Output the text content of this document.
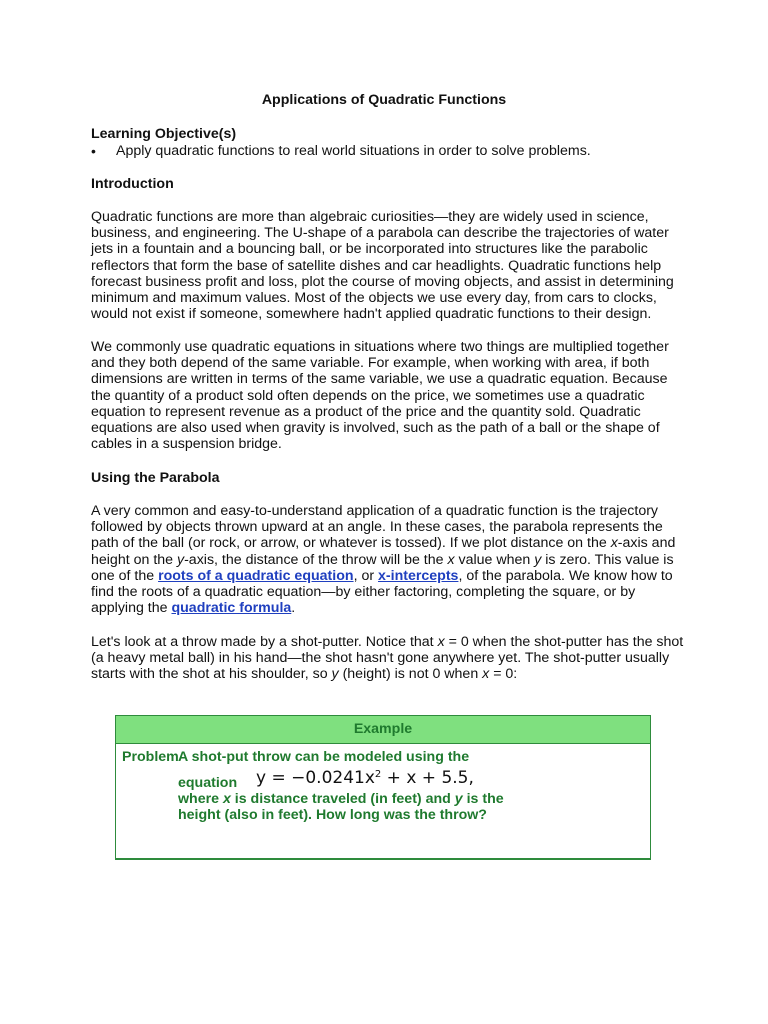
Applications of Quadratic Functions
Learning Objective(s)
• Apply quadratic functions to real world situations in order to solve problems.
Introduction

Quadratic functions are more than algebraic curiosities—they are widely used in science, business, and engineering. The U-shape of a parabola can describe the trajectories of water jets in a fountain and a bouncing ball, or be incorporated into structures like the parabolic reflectors that form the base of satellite dishes and car headlights. Quadratic functions help forecast business profit and loss, plot the course of moving objects, and assist in determining minimum and maximum values. Most of the objects we use every day, from cars to clocks, would not exist if someone, somewhere hadn't applied quadratic functions to their design.

We commonly use quadratic equations in situations where two things are multiplied together and they both depend of the same variable. For example, when working with area, if both dimensions are written in terms of the same variable, we use a quadratic equation. Because the quantity of a product sold often depends on the price, we sometimes use a quadratic equation to represent revenue as a product of the price and the quantity sold. Quadratic equations are also used when gravity is involved, such as the path of a ball or the shape of cables in a suspension bridge.

Using the Parabola

A very common and easy-to-understand application of a quadratic function is the trajectory followed by objects thrown upward at an angle. In these cases, the parabola represents the path of the ball (or rock, or arrow, or whatever is tossed). If we plot distance on the x-axis and height on the y-axis, the distance of the throw will be the x value when y is zero. This value is one of the roots of a quadratic equation, or x-intercepts, of the parabola. We know how to find the roots of a quadratic equation—by either factoring, completing the square, or by applying the quadratic formula.

Let's look at a throw made by a shot-putter. Notice that x = 0 when the shot-putter has the shot (a heavy metal ball) in his hand—the shot hasn't gone anywhere yet. The shot-putter usually starts with the shot at his shoulder, so y (height) is not 0 when x = 0:

Example
Problem A shot-put throw can be modeled using the
equation $y = -0.0241x^2 + x + 5.5$,
where x is distance traveled (in feet) and y is the height (also in feet). How long was the throw?
